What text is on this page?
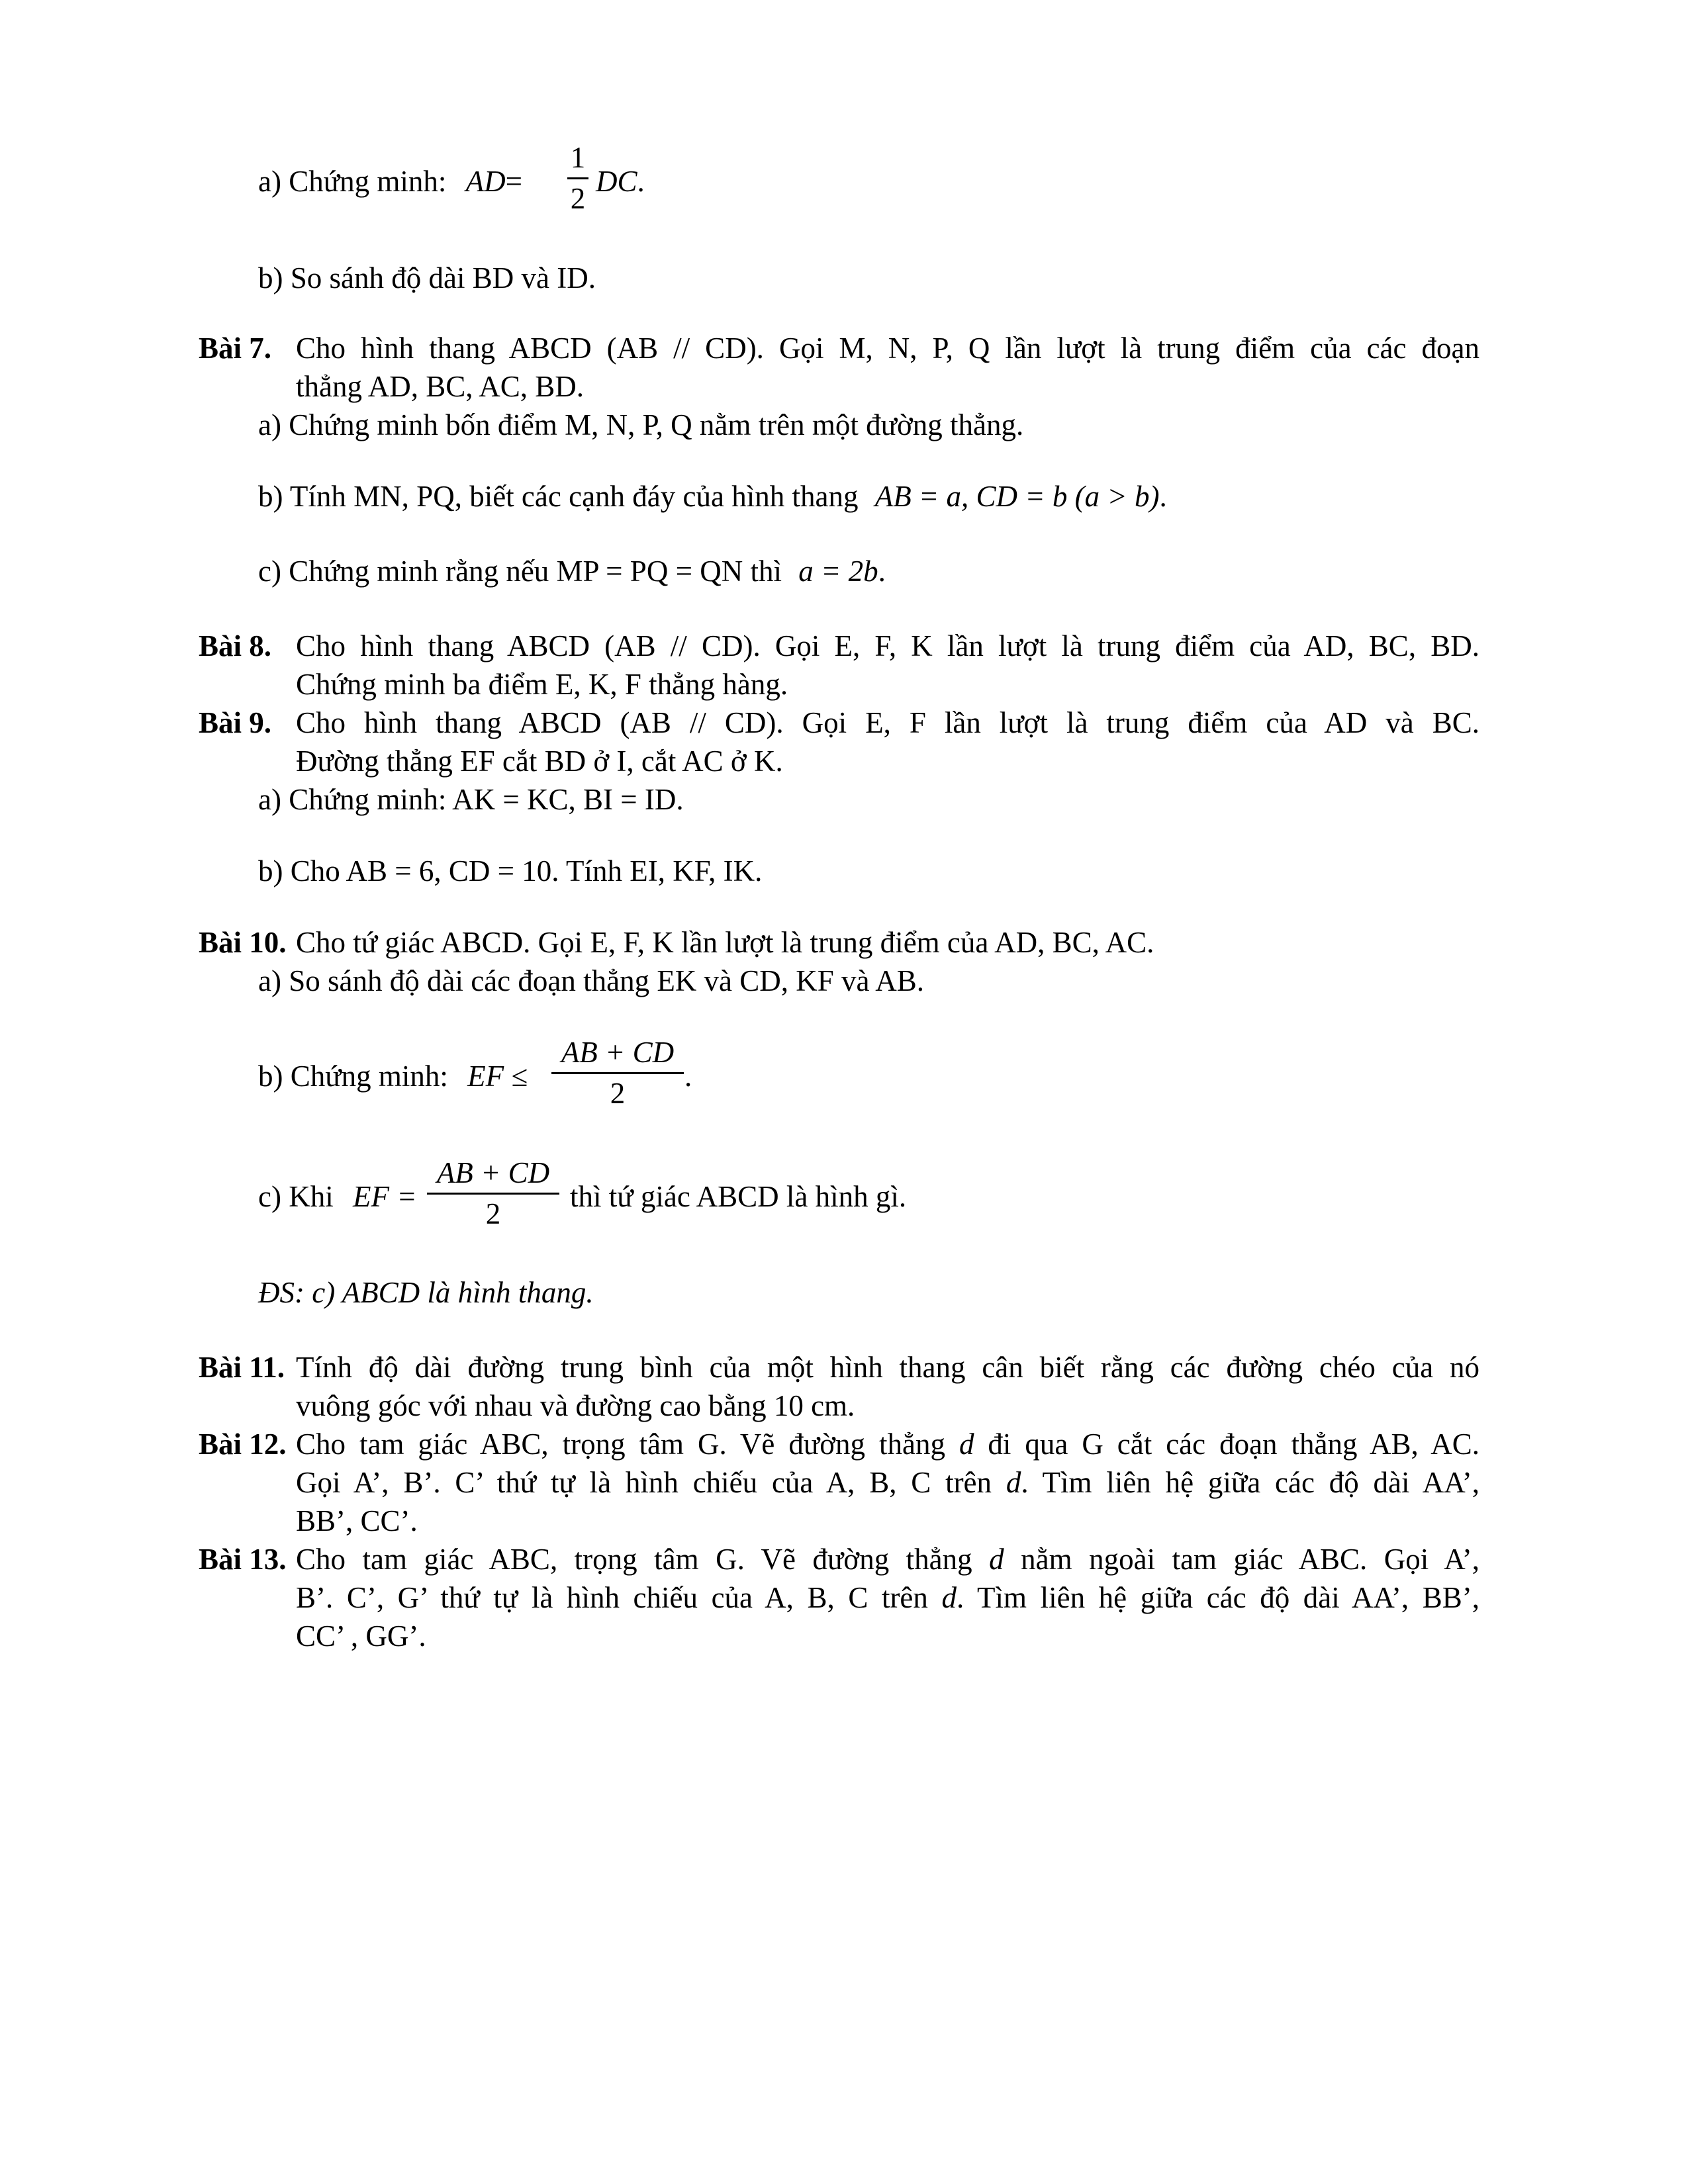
a) Chứng minh: AD=
1
2
DC.
b) So sánh độ dài BD và ID.
Bài 7. Cho hình thang ABCD (AB // CD). Gọi M, N, P, Q lần lượt là trung điểm của các đoạn
thẳng AD, BC, AC, BD.
a) Chứng minh bốn điểm M, N, P, Q nằm trên một đường thẳng.
b) Tính MN, PQ, biết các cạnh đáy của hình thang AB = a, CD = b (a > b).
c) Chứng minh rằng nếu MP = PQ = QN thì a = 2b.
Bài 8. Cho hình thang ABCD (AB // CD). Gọi E, F, K lần lượt là trung điểm của AD, BC, BD.
Chứng minh ba điểm E, K, F thẳng hàng.
Bài 9. Cho hình thang ABCD (AB // CD). Gọi E, F lần lượt là trung điểm của AD và BC.
Đường thẳng EF cắt BD ở I, cắt AC ở K.
a) Chứng minh: AK = KC, BI = ID.
b) Cho AB = 6, CD = 10. Tính EI, KF, IK.
Bài 10. Cho tứ giác ABCD. Gọi E, F, K lần lượt là trung điểm của AD, BC, AC.
a) So sánh độ dài các đoạn thẳng EK và CD, KF và AB.
b) Chứng minh: EF ≤
AB + CD
2
.
c) Khi EF =
AB + CD
2
thì tứ giác ABCD là hình gì.
ĐS: c) ABCD là hình thang.
Bài 11. Tính độ dài đường trung bình của một hình thang cân biết rằng các đường chéo của nó
vuông góc với nhau và đường cao bằng 10 cm.
Bài 12. Cho tam giác ABC, trọng tâm G. Vẽ đường thẳng d đi qua G cắt các đoạn thẳng AB, AC.
Gọi A’, B’. C’ thứ tự là hình chiếu của A, B, C trên d. Tìm liên hệ giữa các độ dài AA’,
BB’, CC’.
Bài 13. Cho tam giác ABC, trọng tâm G. Vẽ đường thẳng d nằm ngoài tam giác ABC. Gọi A’,
B’. C’, G’ thứ tự là hình chiếu của A, B, C trên d. Tìm liên hệ giữa các độ dài AA’, BB’,
CC’ , GG’.
